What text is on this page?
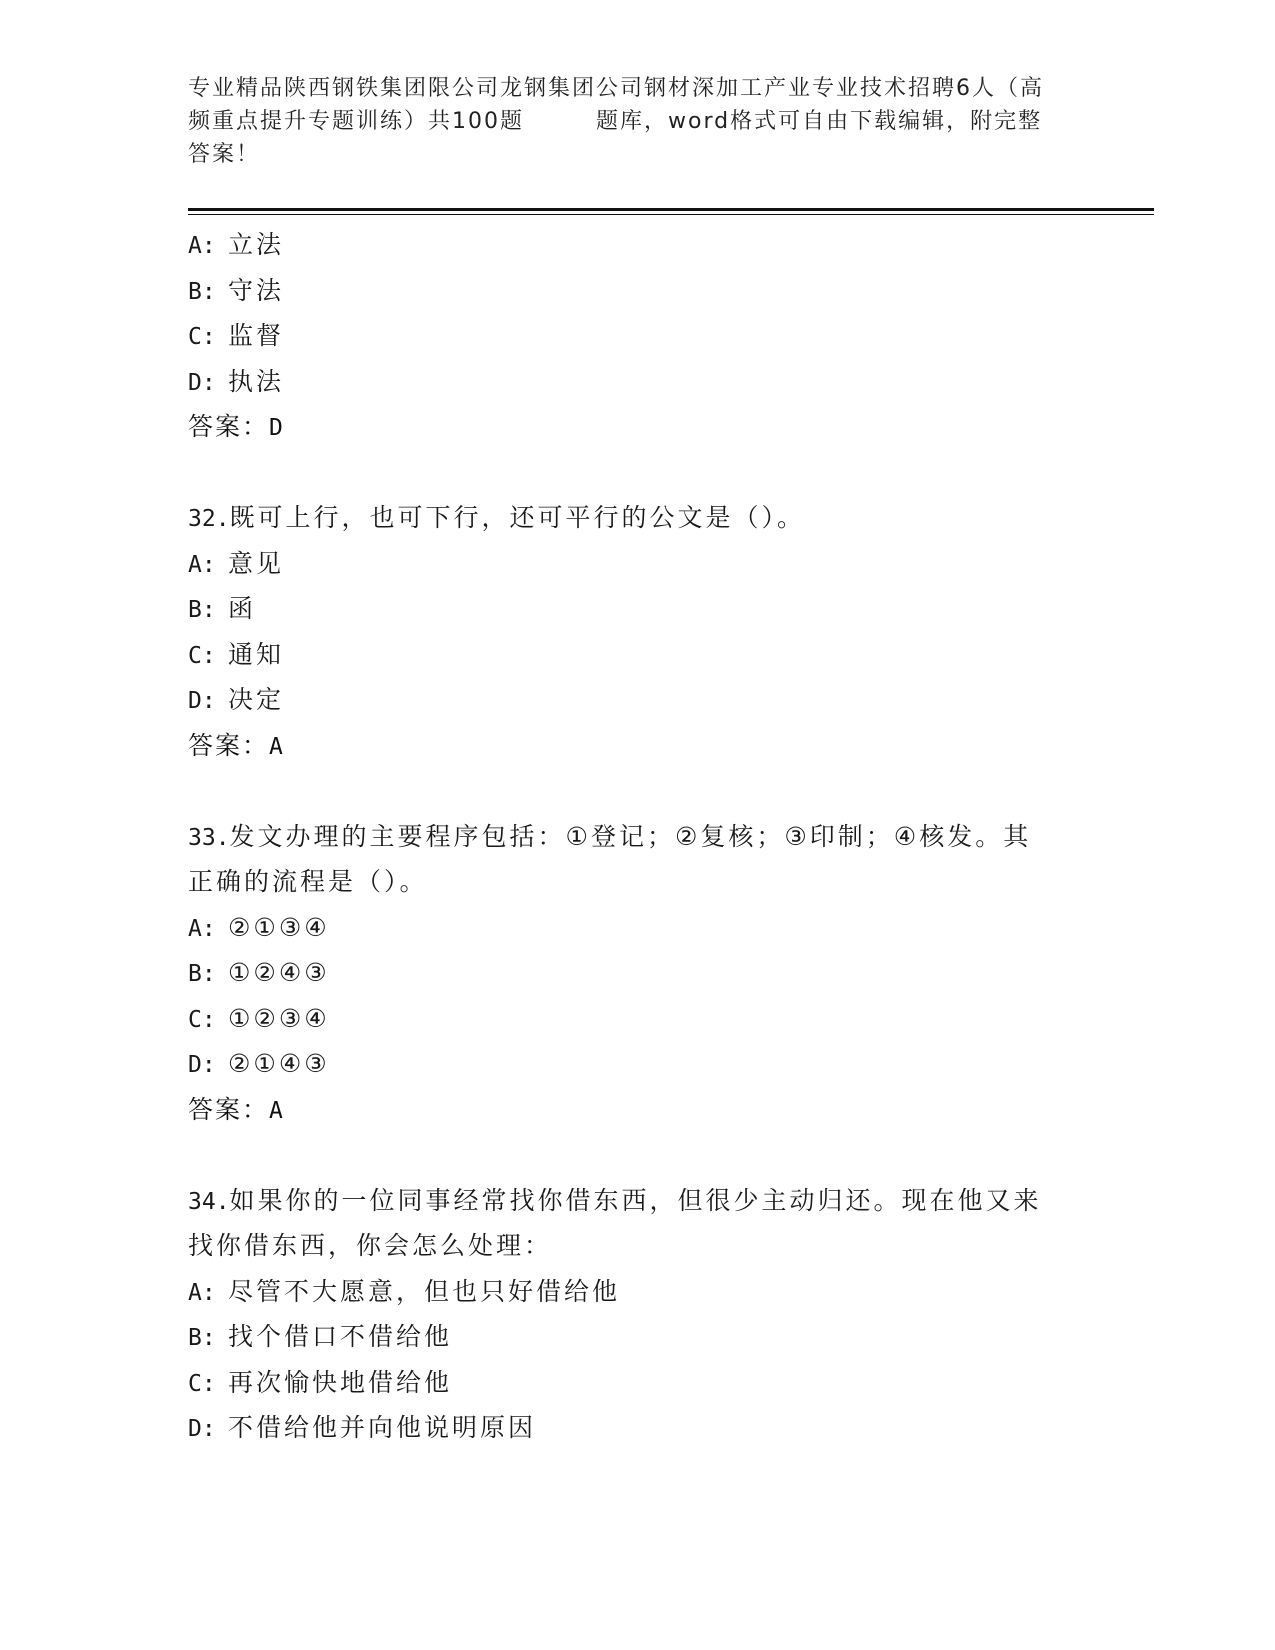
专业精品陕西钢铁集团限公司龙钢集团公司钢材深加工产业专业技术招聘6人（高
频重点提升专题训练）共100题　　　题库，word格式可自由下载编辑，附完整
答案！
A: 立法
B: 守法
C: 监督
D: 执法
答案：D
32.既可上行，也可下行，还可平行的公文是（）。
A: 意见
B: 函
C: 通知
D: 决定
答案：A
33.发文办理的主要程序包括：①登记；②复核；③印制；④核发。其
正确的流程是（）。
A: ②①③④
B: ①②④③
C: ①②③④
D: ②①④③
答案：A
34.如果你的一位同事经常找你借东西，但很少主动归还。现在他又来
找你借东西，你会怎么处理：
A: 尽管不大愿意，但也只好借给他
B: 找个借口不借给他
C: 再次愉快地借给他
D: 不借给他并向他说明原因
